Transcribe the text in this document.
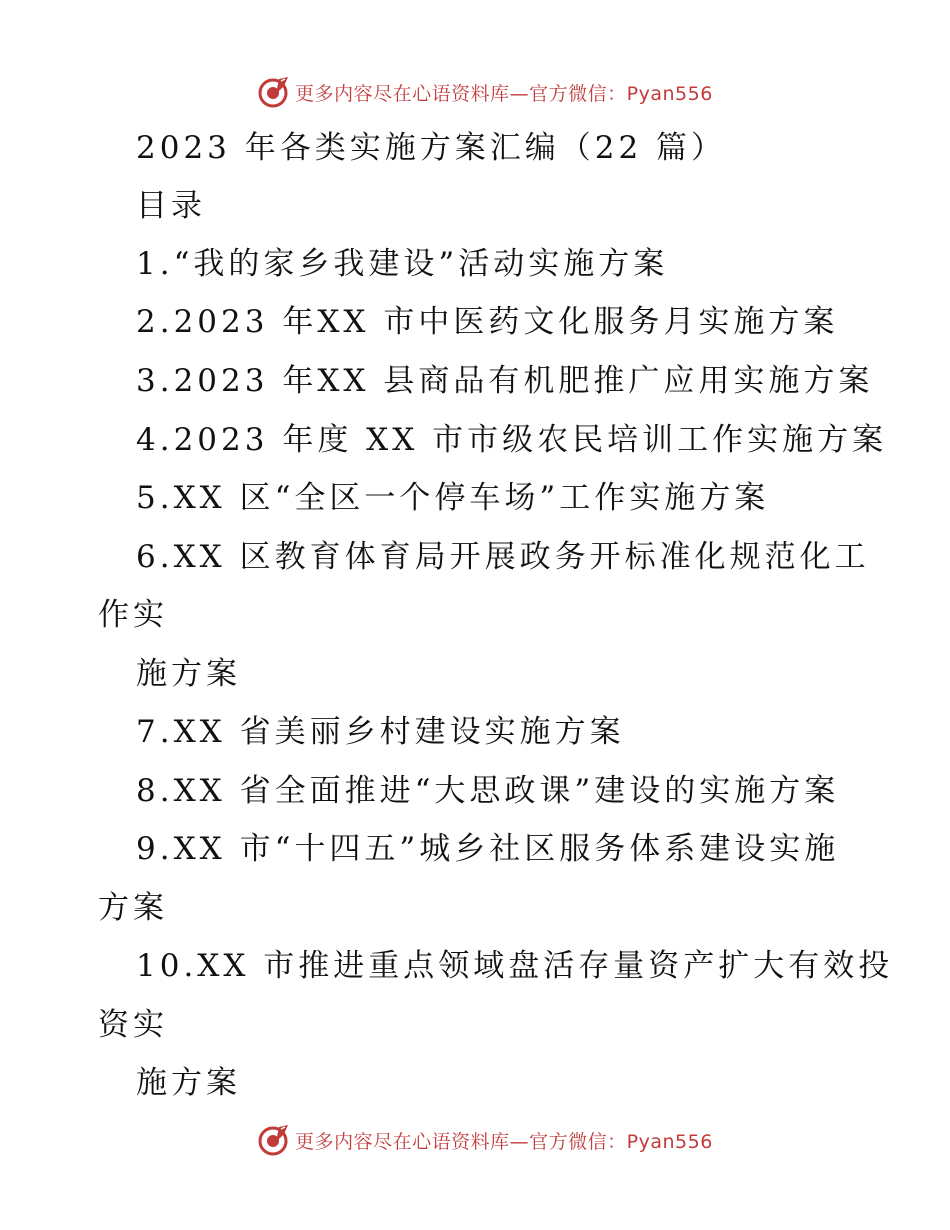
更多内容尽在心语资料库—官方微信：Pyan556
2023 年各类实施方案汇编（22 篇）
目录
1.“我的家乡我建设”活动实施方案
2.2023 年XX 市中医药文化服务月实施方案
3.2023 年XX 县商品有机肥推广应用实施方案
4.2023 年度 XX 市市级农民培训工作实施方案
5.XX 区“全区一个停车场”工作实施方案
6.XX 区教育体育局开展政务开标准化规范化工
作实
施方案
7.XX 省美丽乡村建设实施方案
8.XX 省全面推进“大思政课”建设的实施方案
9.XX 市“十四五”城乡社区服务体系建设实施
方案
10.XX 市推进重点领域盘活存量资产扩大有效投
资实
施方案
更多内容尽在心语资料库—官方微信：Pyan556
